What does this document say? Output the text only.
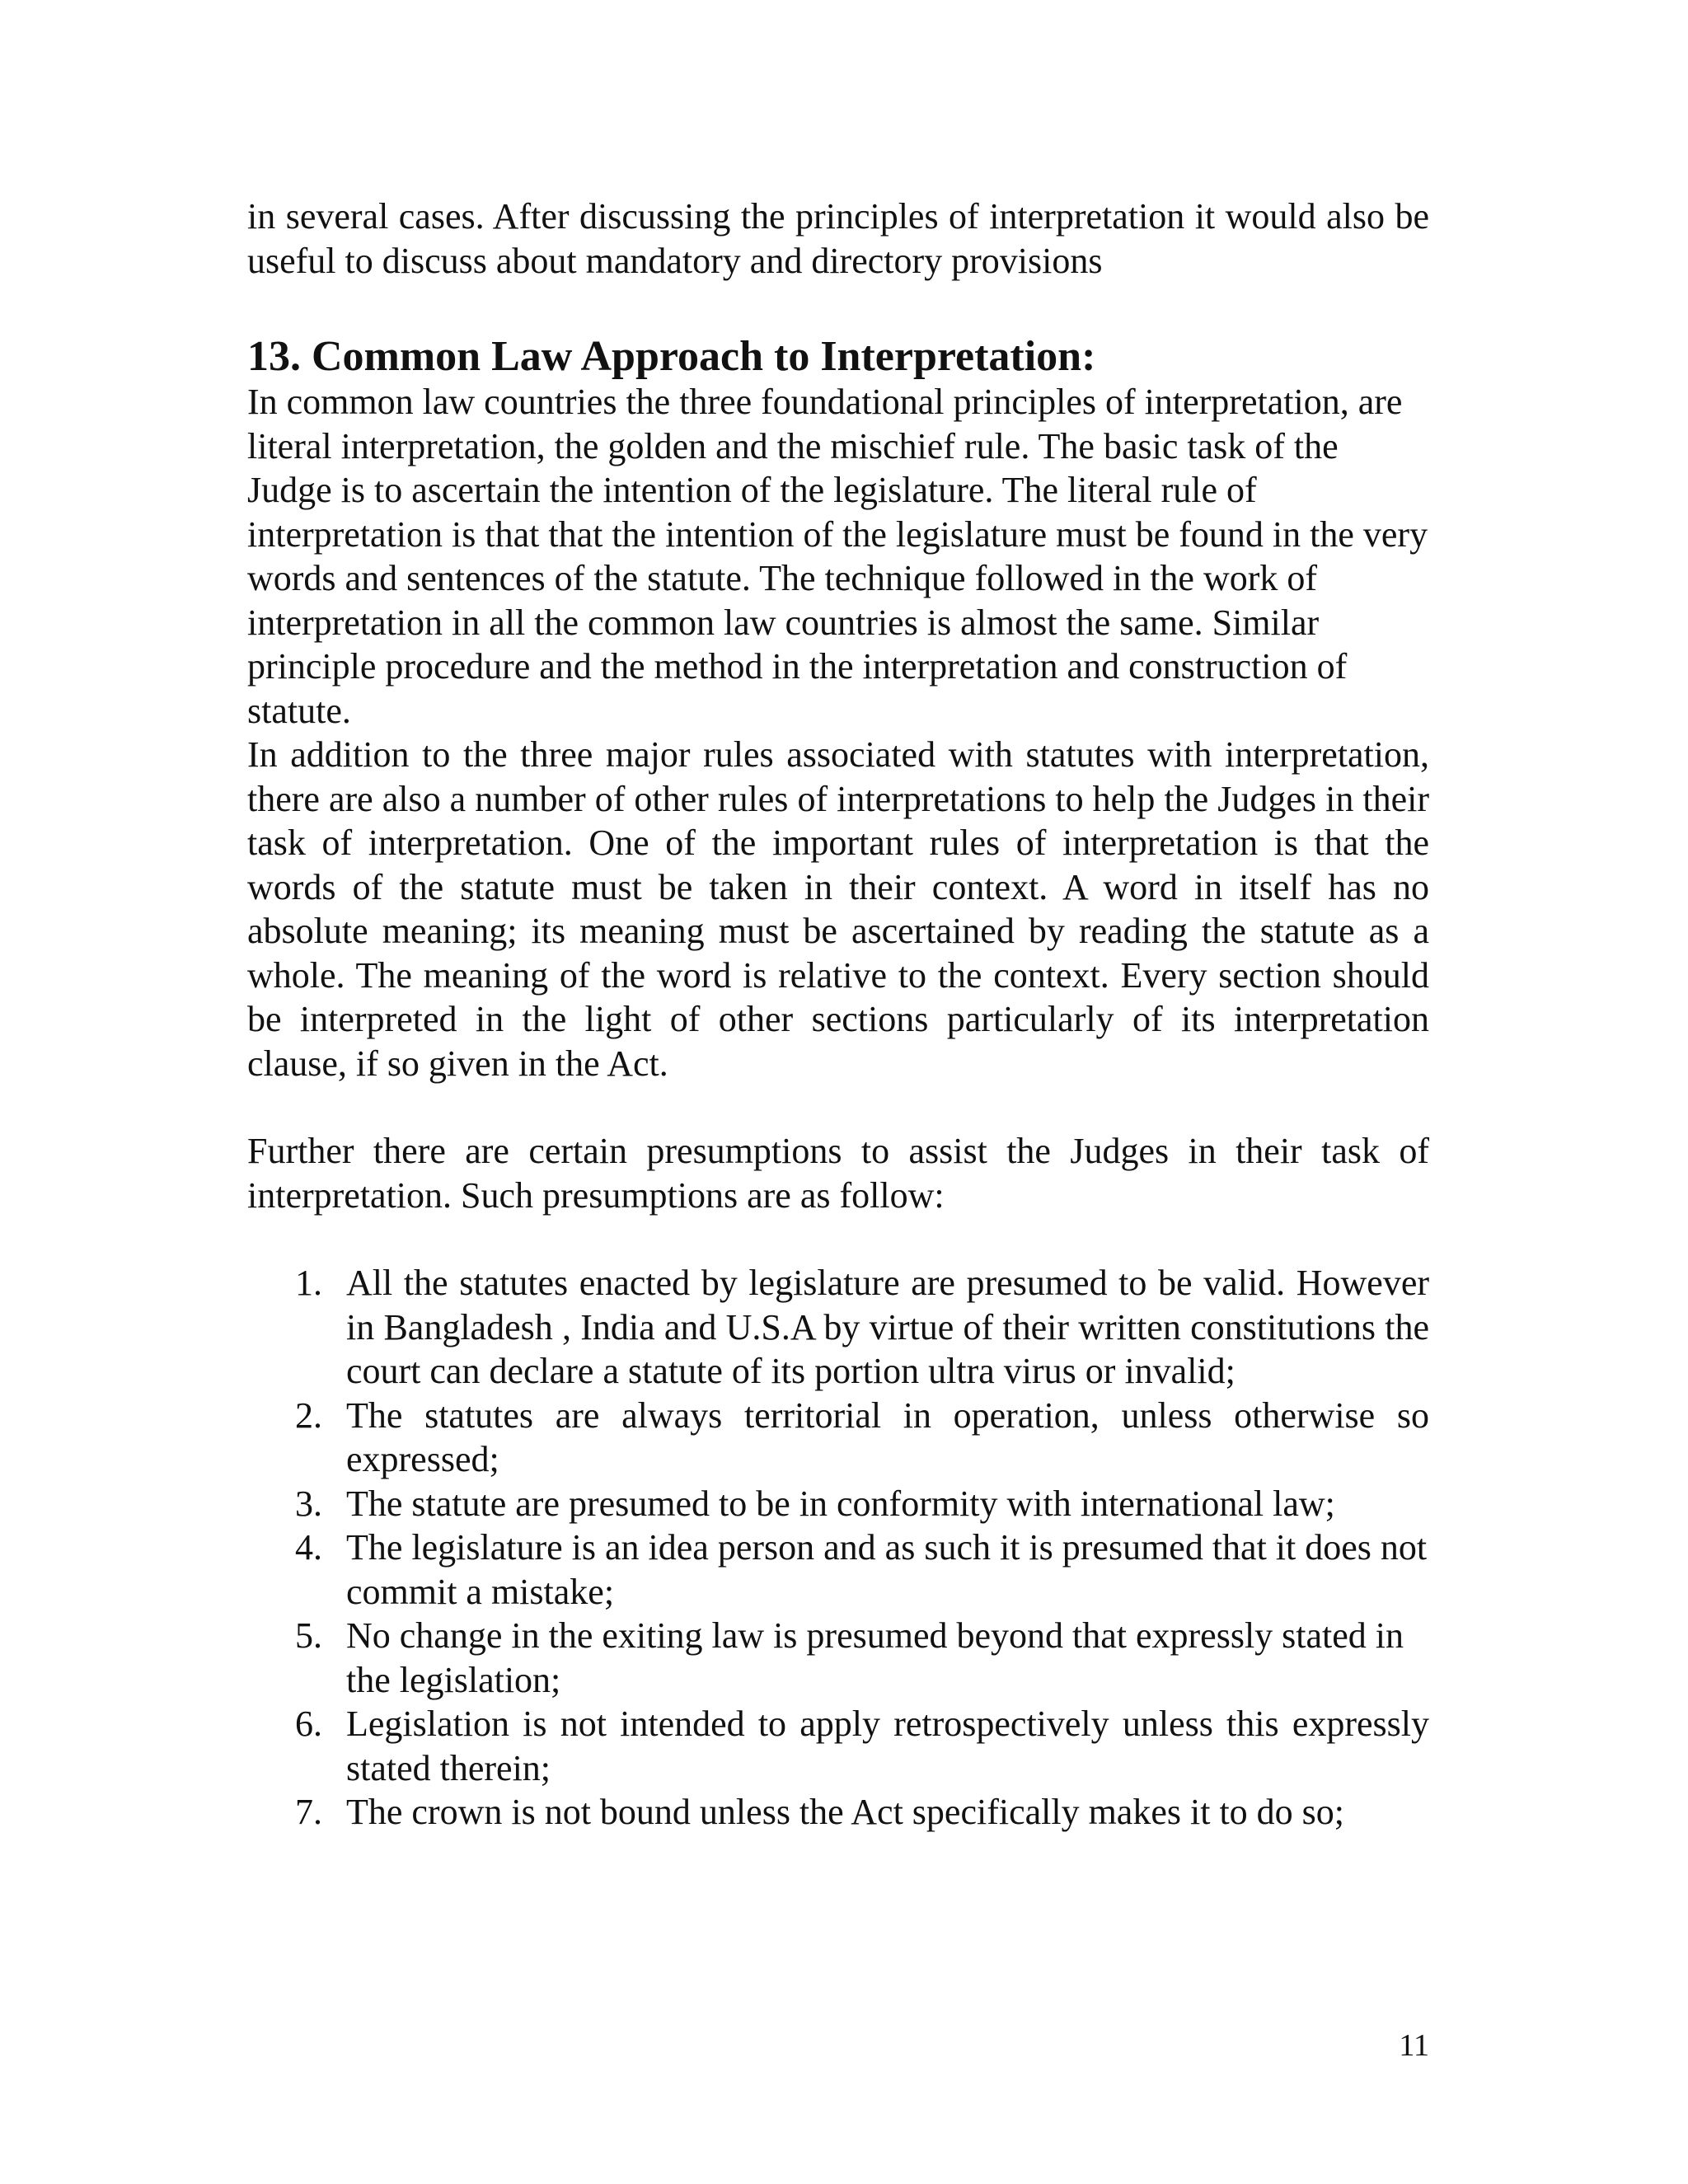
in several cases. After discussing the principles of interpretation it would also be useful to discuss about mandatory and directory provisions

13. Common Law Approach to Interpretation:

In common law countries the three foundational principles of interpretation, are literal interpretation, the golden and the mischief rule. The basic task of the Judge is to ascertain the intention of the legislature. The literal rule of interpretation is that that the intention of the legislature must be found in the very words and sentences of the statute. The technique followed in the work of interpretation in all the common law countries is almost the same. Similar principle procedure and the method in the interpretation and construction of statute.

In addition to the three major rules associated with statutes with interpretation, there are also a number of other rules of interpretations to help the Judges in their task of interpretation. One of the important rules of interpretation is that the words of the statute must be taken in their context. A word in itself has no absolute meaning; its meaning must be ascertained by reading the statute as a whole. The meaning of the word is relative to the context. Every section should be interpreted in the light of other sections particularly of its interpretation clause, if so given in the Act.

Further there are certain presumptions to assist the Judges in their task of interpretation. Such presumptions are as follow:

1. All the statutes enacted by legislature are presumed to be valid. However in Bangladesh , India and U.S.A by virtue of their written constitutions the court can declare a statute of its portion ultra virus or invalid;
2. The statutes are always territorial in operation, unless otherwise so expressed;
3. The statute are presumed to be in conformity with international law;
4. The legislature is an idea person and as such it is presumed that it does not commit a mistake;
5. No change in the exiting law is presumed beyond that expressly stated in the legislation;
6. Legislation is not intended to apply retrospectively unless this expressly stated therein;
7. The crown is not bound unless the Act specifically makes it to do so;
11
